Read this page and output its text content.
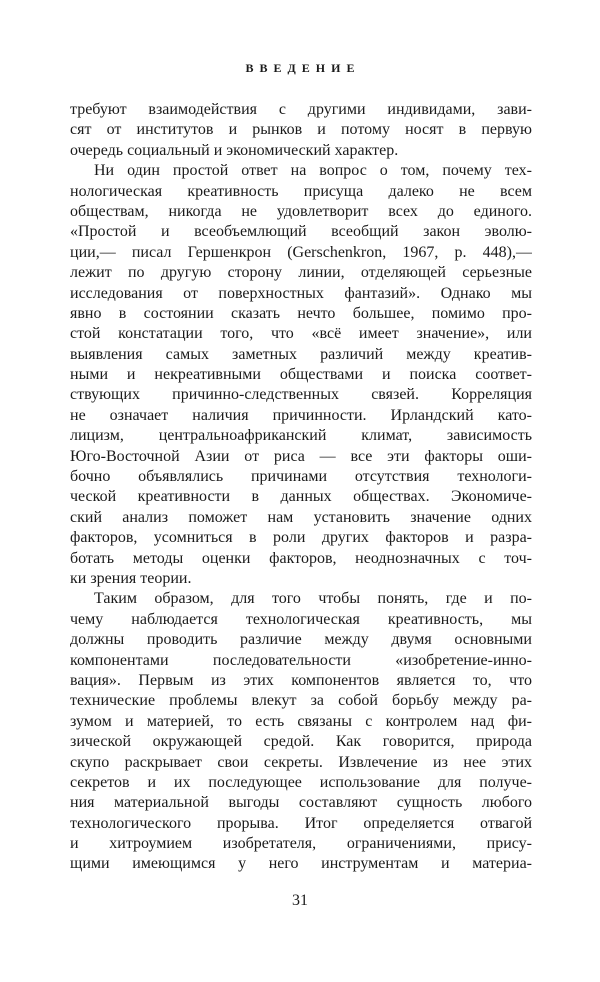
ВВЕДЕНИЕ
требуют взаимодействия с другими индивидами, зави-
сят от институтов и рынков и потому носят в первую
очередь социальный и экономический характер.
Ни один простой ответ на вопрос о том, почему тех-
нологическая креативность присуща далеко не всем
обществам, никогда не удовлетворит всех до единого.
«Простой и всеобъемлющий всеобщий закон эволю-
ции,— писал Гершенкрон (Gerschenkron, 1967, p. 448),—
лежит по другую сторону линии, отделяющей серьезные
исследования от поверхностных фантазий». Однако мы
явно в состоянии сказать нечто большее, помимо про-
стой констатации того, что «всё имеет значение», или
выявления самых заметных различий между креатив-
ными и некреативными обществами и поиска соответ-
ствующих причинно-следственных связей. Корреляция
не означает наличия причинности. Ирландский като-
лицизм, центральноафриканский климат, зависимость
Юго-Восточной Азии от риса — все эти факторы оши-
бочно объявлялись причинами отсутствия технологи-
ческой креативности в данных обществах. Экономиче-
ский анализ поможет нам установить значение одних
факторов, усомниться в роли других факторов и разра-
ботать методы оценки факторов, неоднозначных с точ-
ки зрения теории.
Таким образом, для того чтобы понять, где и по-
чему наблюдается технологическая креативность, мы
должны проводить различие между двумя основными
компонентами последовательности «изобретение-инно-
вация». Первым из этих компонентов является то, что
технические проблемы влекут за собой борьбу между ра-
зумом и материей, то есть связаны с контролем над фи-
зической окружающей средой. Как говорится, природа
скупо раскрывает свои секреты. Извлечение из нее этих
секретов и их последующее использование для получе-
ния материальной выгоды составляют сущность любого
технологического прорыва. Итог определяется отвагой
и хитроумием изобретателя, ограничениями, прису-
щими имеющимся у него инструментам и материа-
31
